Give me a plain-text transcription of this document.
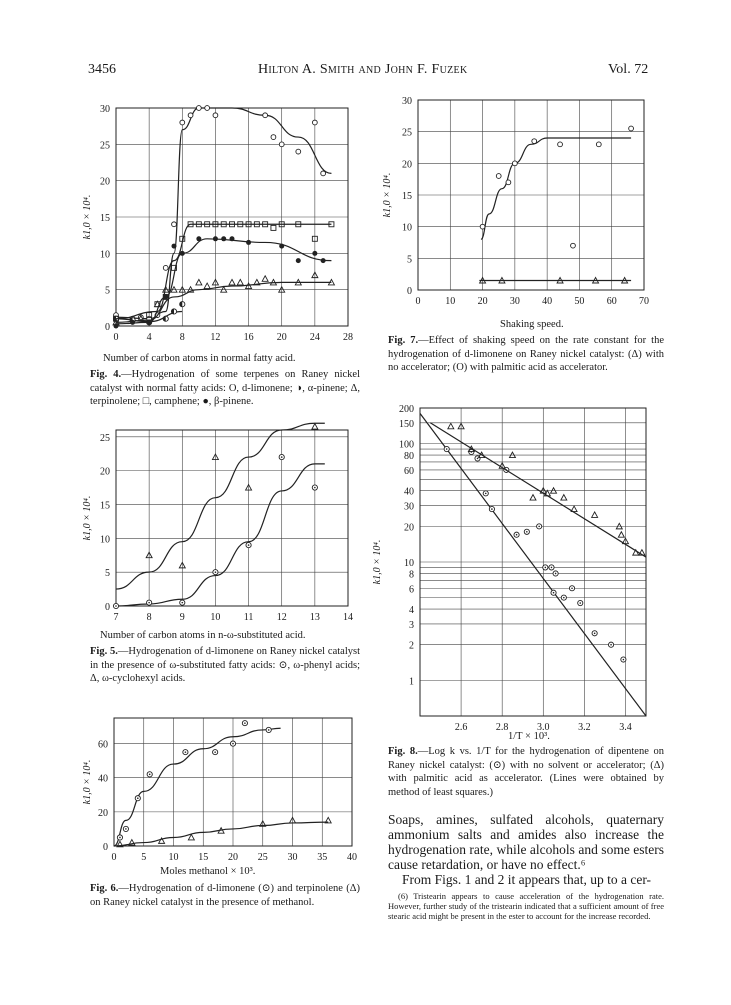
3456	Hilton A. Smith and John F. Fuzek	Vol. 72
0
5
10
15
20
25
30
0	4	8	12 16 20 24 28
k1,0 × 10⁴.
Number of carbon atoms in normal fatty acid.
Fig. 4.—Hydrogenation of some terpenes on Raney nickel catalyst with normal fatty acids: O, d-limonene; ◑, α-pinene; Δ, terpinolene; □, camphene; ●, β-pinene.
0
5
10
15
20
25
7	8	9	10 11 12 13 14
k1,0 × 10⁴.
Number of carbon atoms in n-ω-substituted acid.
Fig. 5.—Hydrogenation of d-limonene on Raney nickel catalyst in the presence of ω-substituted fatty acids: ⊙, ω-phenyl acids; Δ, ω-cyclohexyl acids.
0
20
40
60
0 5 10 15 20 25 30 35 40
k1,0 × 10⁴.
Moles methanol × 10³.
Fig. 6.—Hydrogenation of d-limonene (⊙) and terpinolene (Δ) on Raney nickel catalyst in the presence of methanol.
0
5
10
15
20
25
30
0 10 20 30 40 50 60 70
k1,0 × 10⁴.
Shaking speed.
Fig. 7.—Effect of shaking speed on the rate constant for the hydrogenation of d-limonene on Raney nickel catalyst: (Δ) with no accelerator; (O) with palmitic acid as accelerator.
1
2
3
4
6
8
10
20
30
40
60
80
100
150
200
2.6	2.8	3.0	3.2	3.4
k1,0 × 10⁴.
1/T × 10³.
Fig. 8.—Log k vs. 1/T for the hydrogenation of dipentene on Raney nickel catalyst: (⊙) with no solvent or accelerator; (Δ) with palmitic acid as accelerator. (Lines were obtained by method of least squares.)
Soaps, amines, sulfated alcohols, quaternary ammonium salts and amides also increase the hydrogenation rate, while alcohols and some esters cause retardation, or have no effect.⁶
From Figs. 1 and 2 it appears that, up to a cer-
(6) Tristearin appears to cause acceleration of the hydrogenation rate. However, further study of the tristearin indicated that a sufficient amount of free stearic acid might be present in the ester to account for the increase recorded.
